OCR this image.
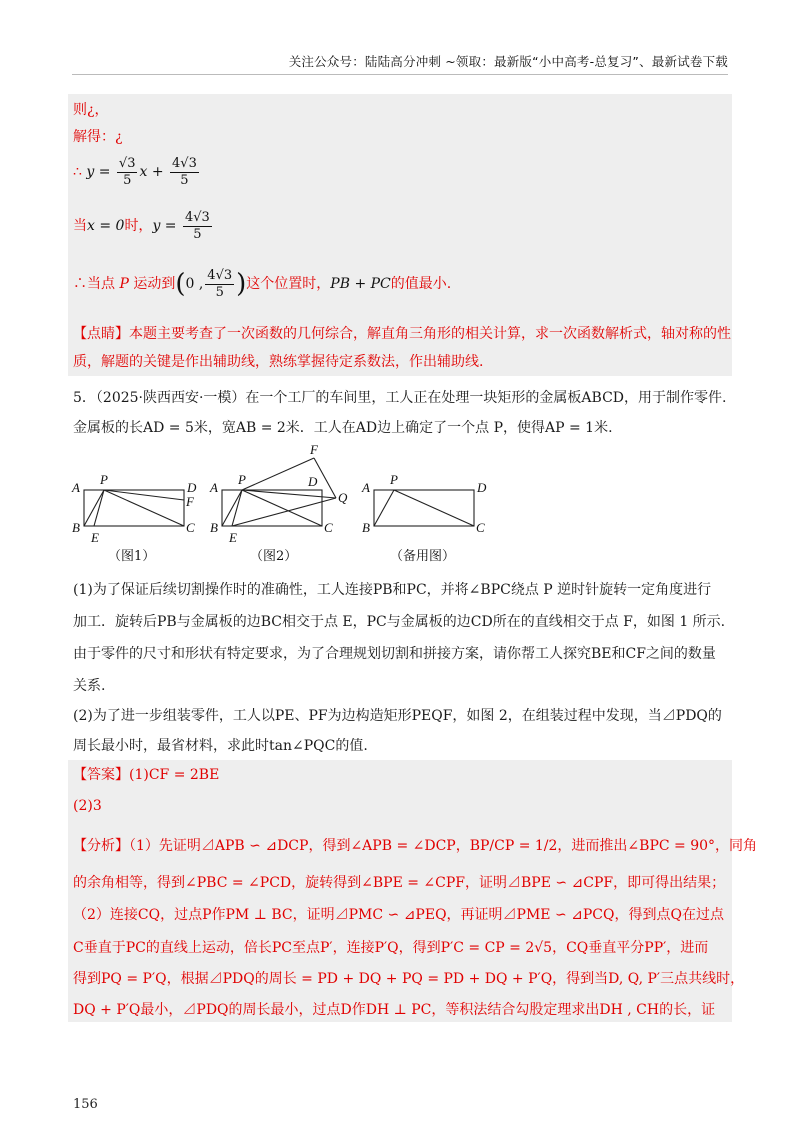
关注公众号：陆陆高分冲刺 ~领取：最新版“小中高考-总复习”、最新试卷下载
则¿，
解得：¿
∴ $y = \frac{√3}{5}$ $x + \frac{4√3}{5}$
当x = 0时，$y = \frac{4√3}{5}$
∴当点 P 运动到(0 , $\frac{4√3}{5}$ )这个位置时，PB + PC的值最小.
【点睛】本题主要考查了一次函数的几何综合，解直角三角形的相关计算，求一次函数解析式，轴对称的性质，解题的关键是作出辅助线，熟练掌握待定系数法，作出辅助线.
5．（2025·陕西西安·一模）在一个工厂的车间里，工人正在处理一块矩形的金属板ABCD，用于制作零件.
金属板的长AD = 5米，宽AB = 2米．工人在AD边上确定了一个点 P，使得AP = 1米.
A
P
D
F
B
E
C
A
P
F
D
Q
B
E
C
A
P
D
B	C
（图1）	（图2）	（备用图）
(1)为了保证后续切割操作时的准确性，工人连接PB和PC，并将∠BPC绕点 P 逆时针旋转一定角度进行
加工．旋转后PB与金属板的边BC相交于点 E，PC与金属板的边CD所在的直线相交于点 F，如图 1 所示.
由于零件的尺寸和形状有特定要求，为了合理规划切割和拼接方案，请你帮工人探究BE和CF之间的数量
关系.
(2)为了进一步组装零件，工人以PE、PF为边构造矩形PEQF，如图 2，在组装过程中发现，当⊿PDQ的
周长最小时，最省材料，求此时tan∠PQC的值.
【答案】(1)CF = 2BE
(2)3
【分析】（1）先证明⊿APB ∽ ⊿DCP，得到∠APB = ∠DCP，BP/CP = 1/2，进而推出∠BPC = 90°，同角
的余角相等，得到∠PBC = ∠PCD，旋转得到∠BPE = ∠CPF，证明⊿BPE ∽ ⊿CPF，即可得出结果；
（2）连接CQ，过点P作PM ⊥ BC，证明⊿PMC ∽ ⊿PEQ，再证明⊿PME ∽ ⊿PCQ，得到点Q在过点
C垂直于PC的直线上运动，倍长PC至点P′，连接P′Q，得到P′C = CP = 2√5，CQ垂直平分PP′，进而
得到PQ = P′Q，根据⊿PDQ的周长 = PD + DQ + PQ = PD + DQ + P′Q，得到当D, Q, P′三点共线时，
DQ + P′Q最小，⊿PDQ的周长最小，过点D作DH ⊥ PC，等积法结合勾股定理求出DH , CH的长，证
156
